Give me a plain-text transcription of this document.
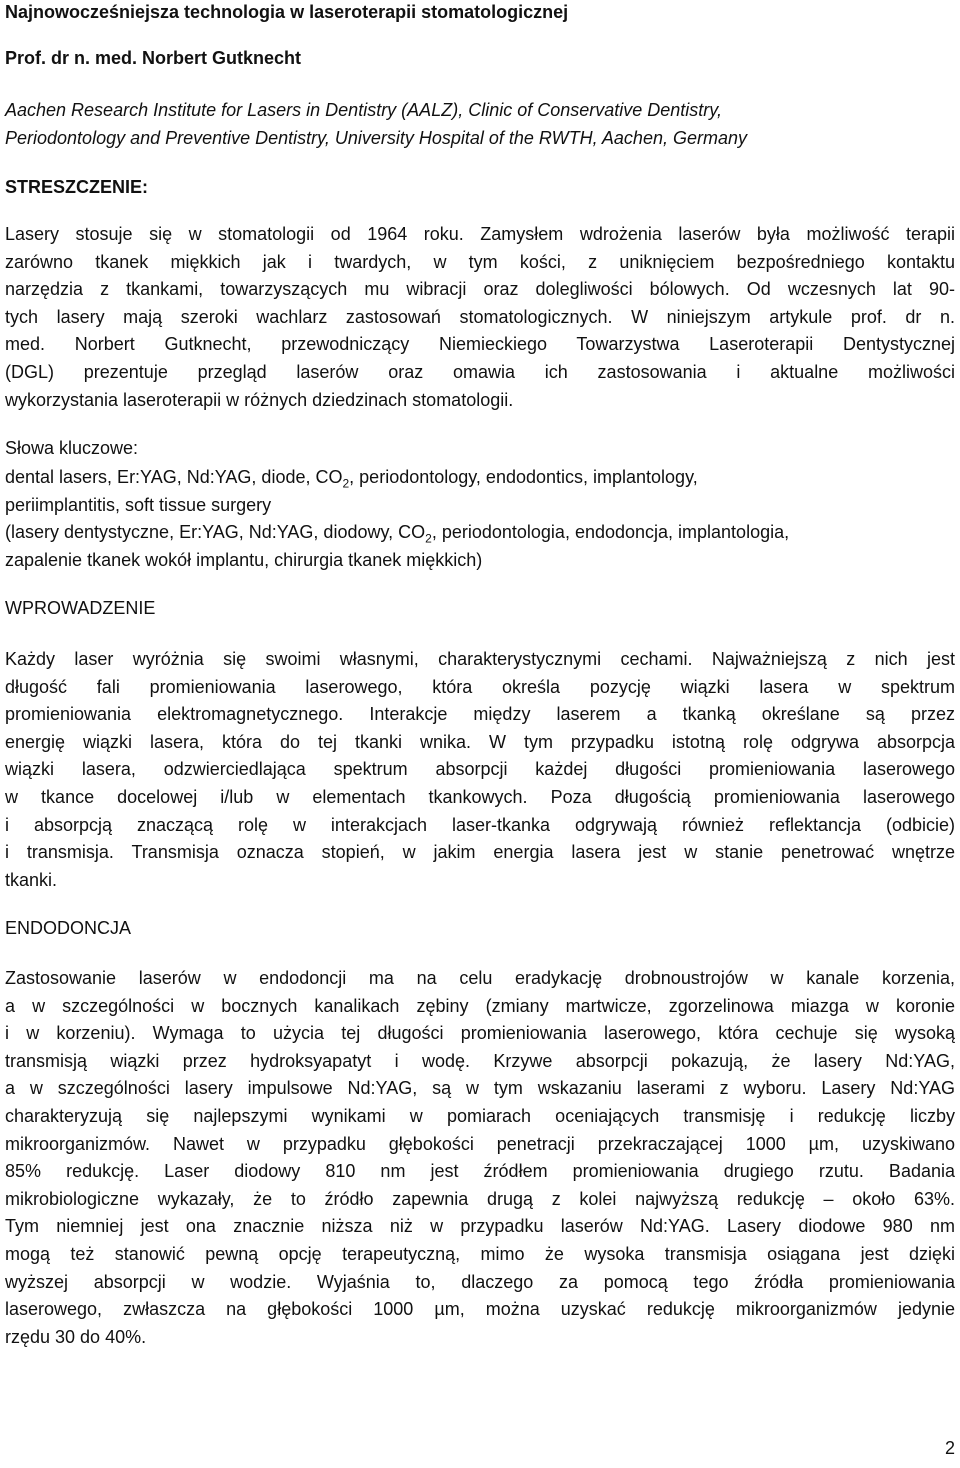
Najnowocześniejsza technologia w laseroterapii stomatologicznej
Prof. dr n. med. Norbert Gutknecht
Aachen Research Institute for Lasers in Dentistry (AALZ), Clinic of Conservative Dentistry,
Periodontology and Preventive Dentistry, University Hospital of the RWTH, Aachen, Germany
STRESZCZENIE:
Lasery stosuje się w stomatologii od 1964 roku. Zamysłem wdrożenia laserów była możliwość terapii
zarówno tkanek miękkich jak i twardych, w tym kości, z uniknięciem bezpośredniego kontaktu
narzędzia z tkankami, towarzyszących mu wibracji oraz dolegliwości bólowych. Od wczesnych lat 90-
tych lasery mają szeroki wachlarz zastosowań stomatologicznych. W niniejszym artykule prof. dr n.
med. Norbert Gutknecht, przewodniczący Niemieckiego Towarzystwa Laseroterapii Dentystycznej
(DGL) prezentuje przegląd laserów oraz omawia ich zastosowania i aktualne możliwości
wykorzystania laseroterapii w różnych dziedzinach stomatologii.
Słowa kluczowe:
dental lasers, Er:YAG, Nd:YAG, diode, $CO_2$, periodontology, endodontics, implantology,
periimplantitis, soft tissue surgery
(lasery dentystyczne, Er:YAG, Nd:YAG, diodowy, $CO_2$, periodontologia, endodoncja, implantologia,
zapalenie tkanek wokół implantu, chirurgia tkanek miękkich)
WPROWADZENIE
Każdy laser wyróżnia się swoimi własnymi, charakterystycznymi cechami. Najważniejszą z nich jest
długość fali promieniowania laserowego, która określa pozycję wiązki lasera w spektrum
promieniowania elektromagnetycznego. Interakcje między laserem a tkanką określane są przez
energię wiązki lasera, która do tej tkanki wnika. W tym przypadku istotną rolę odgrywa absorpcja
wiązki lasera, odzwierciedlająca spektrum absorpcji każdej długości promieniowania laserowego
w tkance docelowej i/lub w elementach tkankowych. Poza długością promieniowania laserowego
i absorpcją znaczącą rolę w interakcjach laser-tkanka odgrywają również reflektancja (odbicie)
i transmisja. Transmisja oznacza stopień, w jakim energia lasera jest w stanie penetrować wnętrze
tkanki.
ENDODONCJA
Zastosowanie laserów w endodoncji ma na celu eradykację drobnoustrojów w kanale korzenia,
a w szczególności w bocznych kanalikach zębiny (zmiany martwicze, zgorzelinowa miazga w koronie
i w korzeniu). Wymaga to użycia tej długości promieniowania laserowego, która cechuje się wysoką
transmisją wiązki przez hydroksyapatyt i wodę. Krzywe absorpcji pokazują, że lasery Nd:YAG,
a w szczególności lasery impulsowe Nd:YAG, są w tym wskazaniu laserami z wyboru. Lasery Nd:YAG
charakteryzują się najlepszymi wynikami w pomiarach oceniających transmisję i redukcję liczby
mikroorganizmów. Nawet w przypadku głębokości penetracji przekraczającej 1000 µm, uzyskiwano
85% redukcję. Laser diodowy 810 nm jest źródłem promieniowania drugiego rzutu. Badania
mikrobiologiczne wykazały, że to źródło zapewnia drugą z kolei najwyższą redukcję – około 63%.
Tym niemniej jest ona znacznie niższa niż w przypadku laserów Nd:YAG. Lasery diodowe 980 nm
mogą też stanowić pewną opcję terapeutyczną, mimo że wysoka transmisja osiągana jest dzięki
wyższej absorpcji w wodzie. Wyjaśnia to, dlaczego za pomocą tego źródła promieniowania
laserowego, zwłaszcza na głębokości 1000 µm, można uzyskać redukcję mikroorganizmów jedynie
rzędu 30 do 40%.
2
